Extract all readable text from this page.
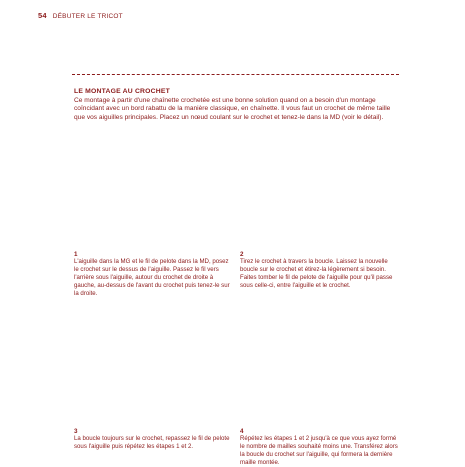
54 DÉBUTER LE TRICOT
LE MONTAGE AU CROCHET
Ce montage à partir d'une chaînette crochetée est une bonne solution quand on a besoin d'un montage coïncidant avec un bord rabattu de la manière classique, en chaînette. Il vous faut un crochet de même taille que vos aiguilles principales. Placez un nœud coulant sur le crochet et tenez-le dans la MD (voir le détail).
1
L'aiguille dans la MG et le fil de pelote dans la MD, posez le crochet sur le dessus de l'aiguille. Passez le fil vers l'arrière sous l'aiguille, autour du crochet de droite à gauche, au-dessus de l'avant du crochet puis tenez-le sur la droite.
2
Tirez le crochet à travers la boucle. Laissez la nouvelle boucle sur le crochet et étirez-la légèrement si besoin. Faites tomber le fil de pelote de l'aiguille pour qu'il passe sous celle-ci, entre l'aiguille et le crochet.
3
La boucle toujours sur le crochet, repassez le fil de pelote sous l'aiguille puis répétez les étapes 1 et 2.
4
Répétez les étapes 1 et 2 jusqu'à ce que vous ayez formé le nombre de mailles souhaité moins une. Transférez alors la boucle du crochet sur l'aiguille, qui formera la dernière maille montée.
